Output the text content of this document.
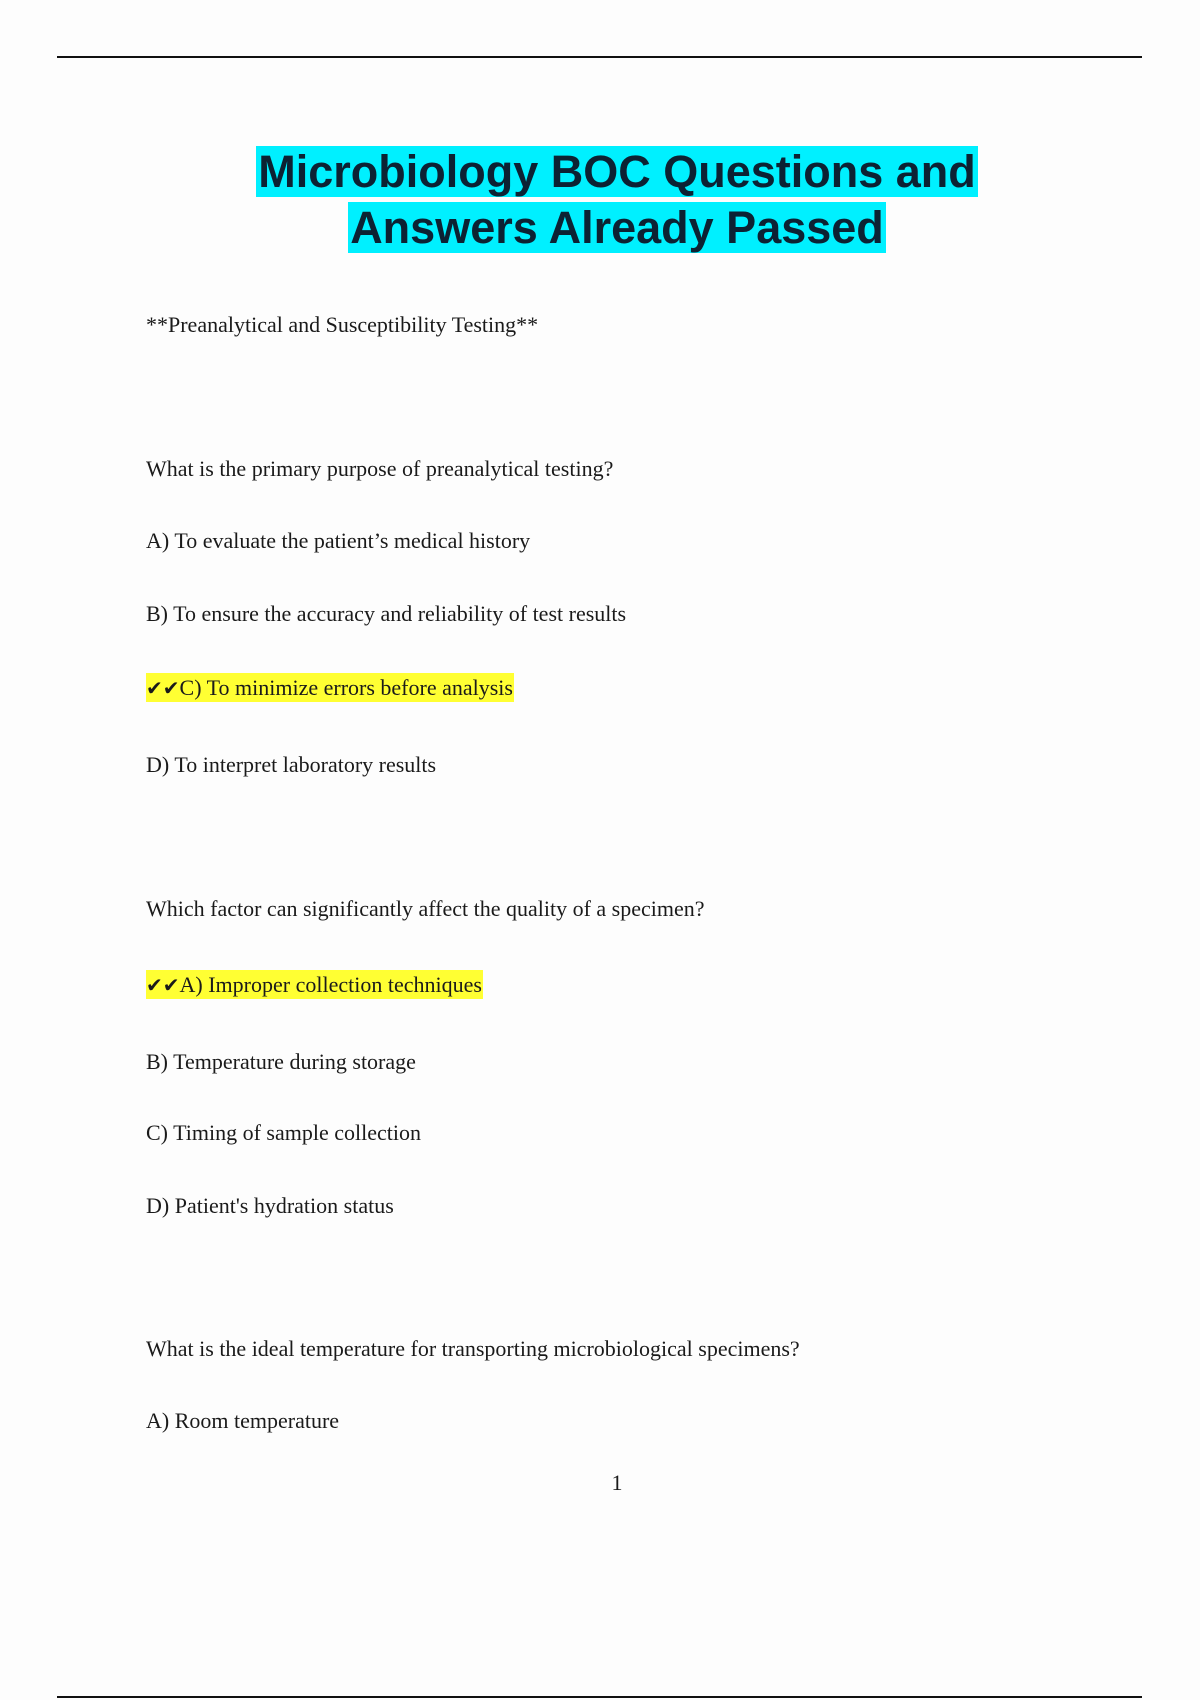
Microbiology BOC Questions and
Answers Already Passed
**Preanalytical and Susceptibility Testing**
What is the primary purpose of preanalytical testing?
A) To evaluate the patient’s medical history
B) To ensure the accuracy and reliability of test results
✔✔C) To minimize errors before analysis
D) To interpret laboratory results
Which factor can significantly affect the quality of a specimen?
✔✔A) Improper collection techniques
B) Temperature during storage
C) Timing of sample collection
D) Patient's hydration status
What is the ideal temperature for transporting microbiological specimens?
A) Room temperature
1
